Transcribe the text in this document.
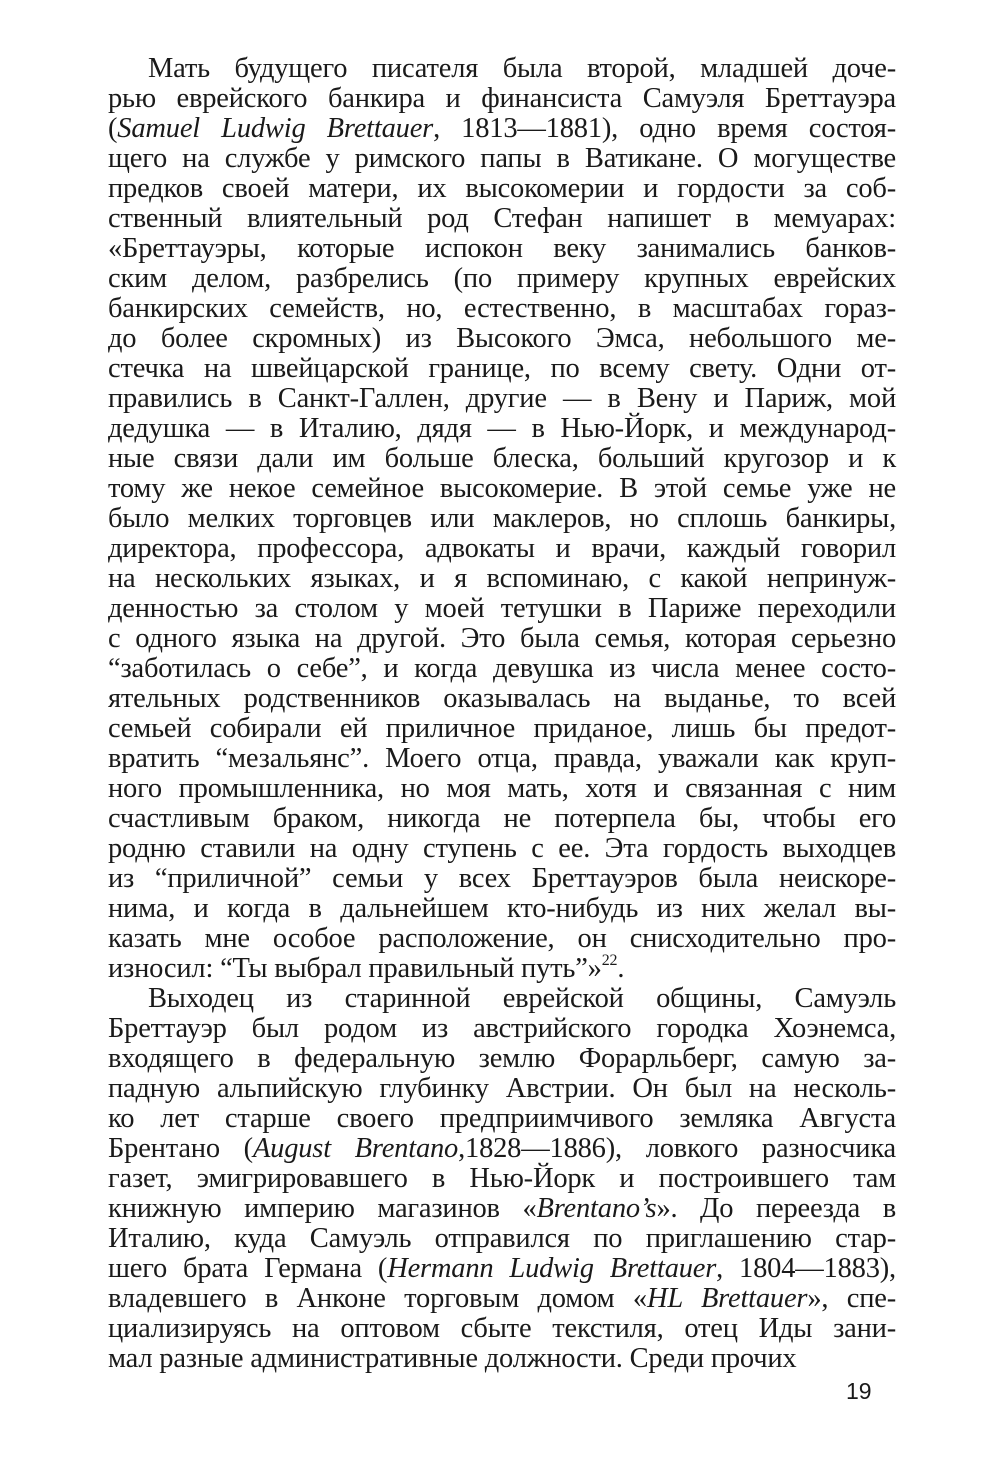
Мать будущего писателя была второй, младшей доче-
рью еврейского банкира и финансиста Самуэля Бреттауэра
(Samuel Ludwig Brettauer, 1813—1881), одно время состоя-
щего на службе у римского папы в Ватикане. О могуществе
предков своей матери, их высокомерии и гордости за соб-
ственный влиятельный род Стефан напишет в мемуарах:
«Бреттауэры, которые испокон веку занимались банков-
ским делом, разбрелись (по примеру крупных еврейских
банкирских семейств, но, естественно, в масштабах гораз-
до более скромных) из Высокого Эмса, небольшого ме-
стечка на швейцарской границе, по всему свету. Одни от-
правились в Санкт-Галлен, другие — в Вену и Париж, мой
дедушка — в Италию, дядя — в Нью-Йорк, и международ-
ные связи дали им больше блеска, больший кругозор и к
тому же некое семейное высокомерие. В этой семье уже не
было мелких торговцев или маклеров, но сплошь банкиры,
директора, профессора, адвокаты и врачи, каждый говорил
на нескольких языках, и я вспоминаю, с какой непринуж-
денностью за столом у моей тетушки в Париже переходили
с одного языка на другой. Это была семья, которая серьезно
“заботилась о себе”, и когда девушка из числа менее состо-
ятельных родственников оказывалась на выданье, то всей
семьей собирали ей приличное приданое, лишь бы предот-
вратить “мезальянс”. Моего отца, правда, уважали как круп-
ного промышленника, но моя мать, хотя и связанная с ним
счастливым браком, никогда не потерпела бы, чтобы его
родню ставили на одну ступень с ее. Эта гордость выходцев
из “приличной” семьи у всех Бреттауэров была неискоре-
нима, и когда в дальнейшем кто-нибудь из них желал вы-
казать мне особое расположение, он снисходительно про-
износил: “Ты выбрал правильный путь”»$^{22}$.
Выходец из старинной еврейской общины, Самуэль
Бреттауэр был родом из австрийского городка Хоэнемса,
входящего в федеральную землю Форарльберг, самую за-
падную альпийскую глубинку Австрии. Он был на несколь-
ко лет старше своего предприимчивого земляка Августа
Брентано (August Brentano,1828—1886), ловкого разносчика
газет, эмигрировавшего в Нью-Йорк и построившего там
книжную империю магазинов «Brentano’s». До переезда в
Италию, куда Самуэль отправился по приглашению стар-
шего брата Германа (Hermann Ludwig Brettauer, 1804—1883),
владевшего в Анконе торговым домом «HL Brettauer», спе-
циализируясь на оптовом сбыте текстиля, отец Иды зани-
мал разные административные должности. Среди прочих
19
